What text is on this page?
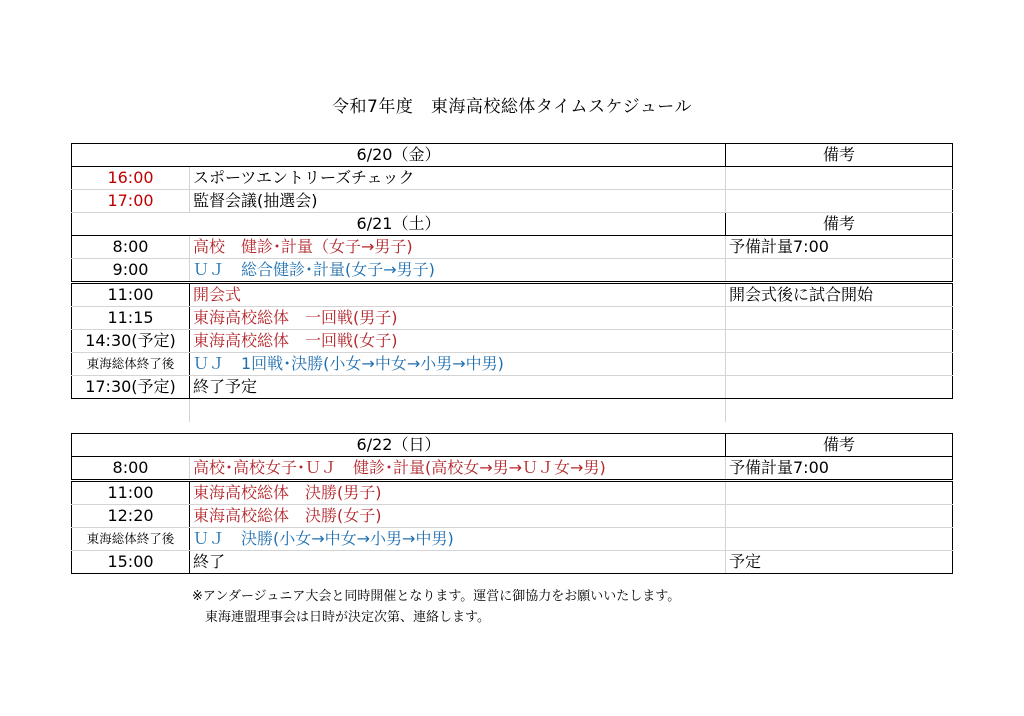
令和7年度　東海高校総体タイムスケジュール
6/20（金）		備考
16:00	スポーツエントリーズチェック	
17:00	監督会議(抽選会)	
6/21（土）		備考
8:00	高校　健診･計量（女子→男子)	予備計量7:00
9:00	ＵＪ　総合健診･計量(女子→男子)	
11:00	開会式	開会式後に試合開始
11:15	東海高校総体　一回戦(男子)	
14:30(予定)	東海高校総体　一回戦(女子)	
東海総体終了後	ＵＪ　1回戦･決勝(小女→中女→小男→中男)	
17:30(予定)	終了予定	

6/22（日）		備考
8:00	高校･高校女子･ＵＪ　健診･計量(高校女→男→ＵＪ女→男)	予備計量7:00
11:00	東海高校総体　決勝(男子)	
12:20	東海高校総体　決勝(女子)	
東海総体終了後	ＵＪ　決勝(小女→中女→小男→中男)	
15:00	終了	予定
※アンダージュニア大会と同時開催となります。運営に御協力をお願いいたします。
　東海連盟理事会は日時が決定次第、連絡します。
